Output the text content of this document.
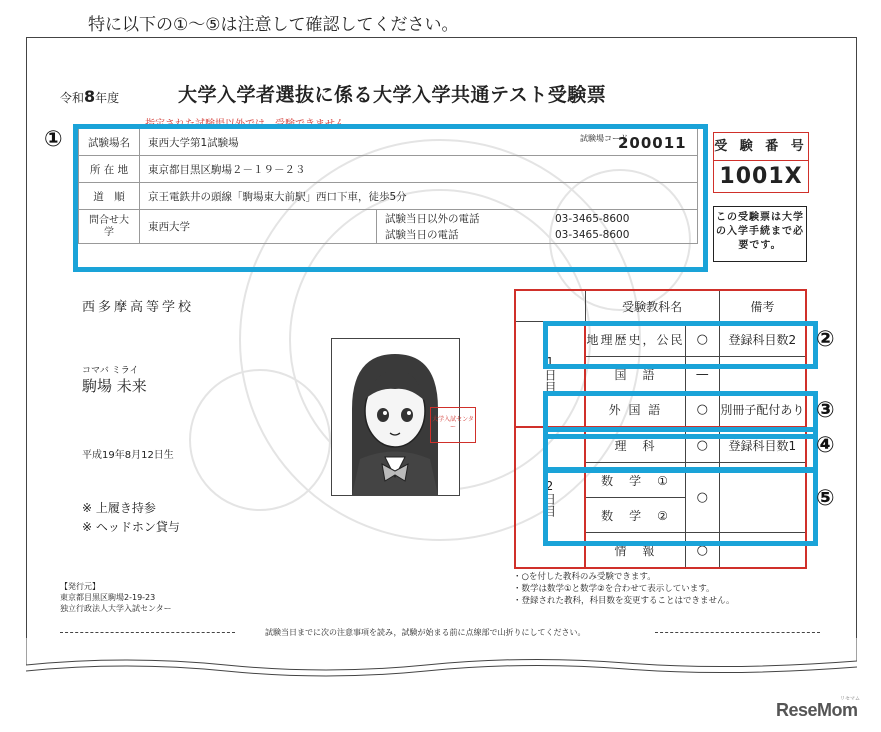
特に以下の①〜⑤は注意して確認してください。
令和8年度	大学入学者選抜に係る大学入学共通テスト受験票
指定された試験場以外では，受験できません。
① 試験場名	東西大学第1試験場 試験場コード
200011	

所 在 地	東京都目黒区駒場２－１９－２３	
道　順	京王電鉄井の頭線「駒場東大前駅」西口下車，徒歩5分	
問合せ大　学	東西大学	試験当日以外の電話 03-3465-8600
試験当日の電話 03-3465-8600
受 験 番 号
1001X
この受験票は大学の入学手続まで必要です。
西多摩高等学校
コマバ ミライ
駒場 未来
平成19年8月12日生
※ 上履き持参
※ ヘッドホン貸与
大学入試センター
	受験教科名		備考
1日目	地理歴史，公民	○	登録科目数2
	国　語	—	
	外 国 語	○	別冊子配付あり
2日目	理　科	○	登録科目数1
	数　学　①	○	
	数　学　②		
	情　報	○	
②
③
④
⑤
・○を付した教科のみ受験できます。
・数学は数学①と数学②を合わせて表示しています。
・登録された教科，科目数を変更することはできません。
【発行元】
東京都目黒区駒場2-19-23
独立行政法人大学入試センター
試験当日までに次の注意事項を読み，試験が始まる前に点線部で山折りにしてください。
ReseMom
リセマム
